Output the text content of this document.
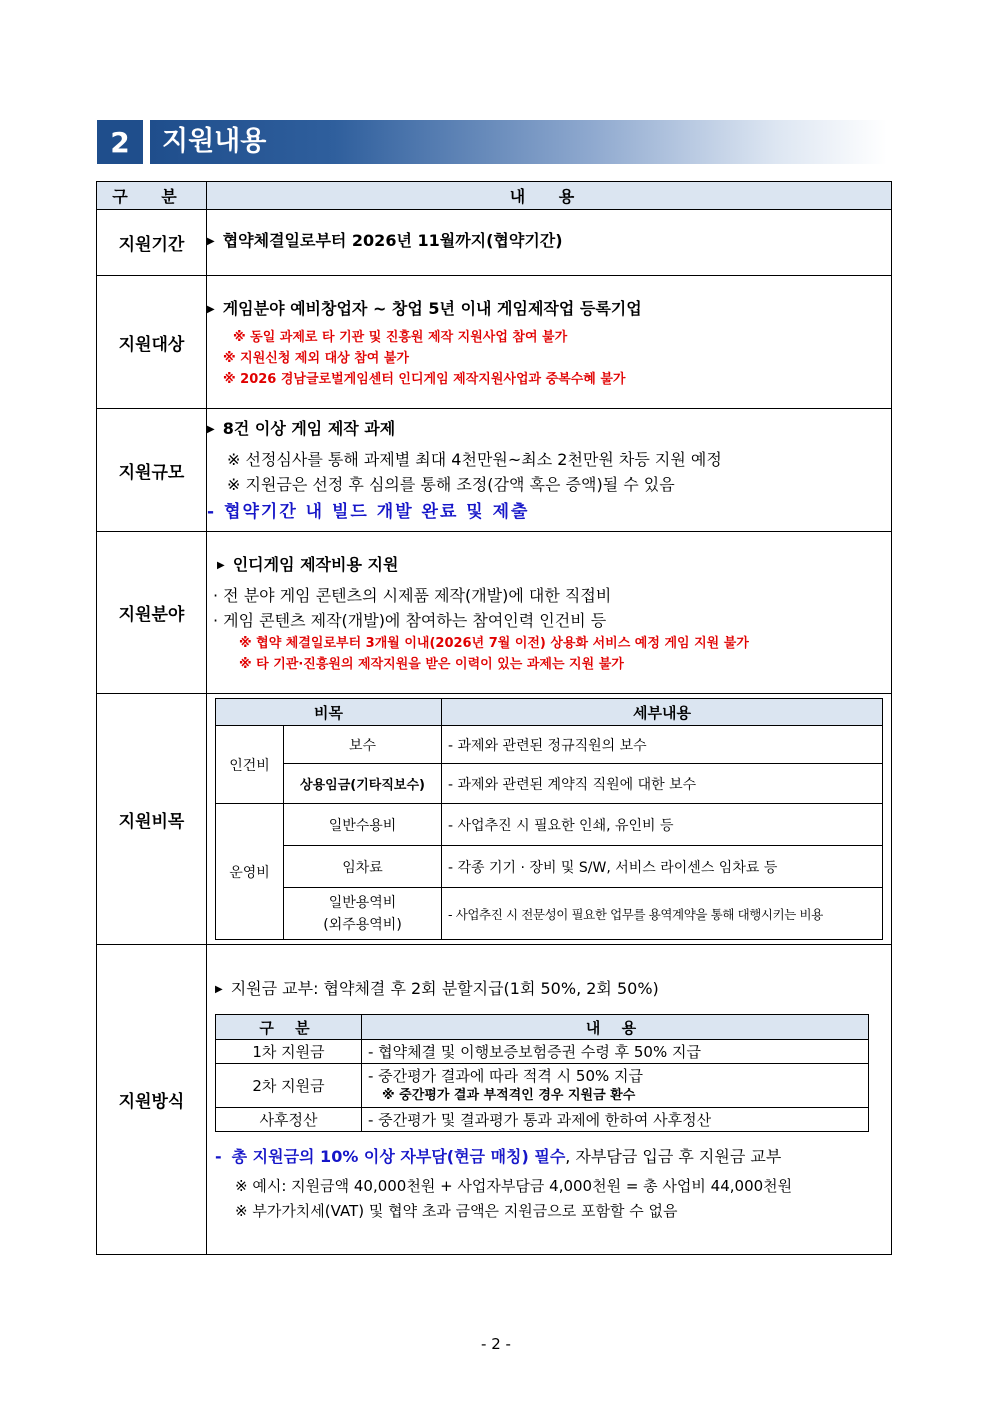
2	지원내용
구 분	내 용
지원기간	▶ 협약체결일로부터 2026년 11월까지(협약기간)

지원대상	
▶ 게임분야 예비창업자 ~ 창업 5년 이내 게임제작업 등록기업
※ 동일 과제로 타 기관 및 진흥원 제작 지원사업 참여 불가
※ 지원신청 제외 대상 참여 불가
※ 2026 경남글로벌게임센터 인디게임 제작지원사업과 중복수혜 불가

지원규모	
▶ 8건 이상 게임 제작 과제
※ 선정심사를 통해 과제별 최대 4천만원~최소 2천만원 차등 지원 예정
※ 지원금은 선정 후 심의를 통해 조정(감액 혹은 증액)될 수 있음
- 협약기간 내 빌드 개발 완료 및 제출

지원분야	
▶ 인디게임 제작비용 지원
· 전 분야 게임 콘텐츠의 시제품 제작(개발)에 대한 직접비
· 게임 콘텐츠 제작(개발)에 참여하는 참여인력 인건비 등
※ 협약 체결일로부터 3개월 이내(2026년 7월 이전) 상용화 서비스 예정 게임 지원 불가
※ 타 기관·진흥원의 제작지원을 받은 이력이 있는 과제는 지원 불가

지원비목	
비목	세부내용
인건비	보수	- 과제와 관련된 정규직원의 보수
상용임금(기타직보수)	- 과제와 관련된 계약직 직원에 대한 보수
운영비	일반수용비	- 사업추진 시 필요한 인쇄, 유인비 등
임차료	- 각종 기기 · 장비 및 S/W, 서비스 라이센스 임차료 등
일반용역비
(외주용역비)	- 사업추진 시 전문성이 필요한 업무를 용역계약을 통해 대행시키는 비용

지원방식	
▶ 지원금 교부: 협약체결 후 2회 분할지급(1회 50%, 2회 50%)
구 분	내 용
1차 지원금	- 협약체결 및 이행보증보험증권 수령 후 50% 지급
2차 지원금	
- 중간평가 결과에 따라 적격 시 50% 지급
※ 중간평가 결과 부적격인 경우 지원금 환수

사후정산	- 중간평가 및 결과평가 통과 과제에 한하여 사후정산
- 총 지원금의 10% 이상 자부담(현금 매칭) 필수, 자부담금 입금 후 지원금 교부
※ 예시: 지원금액 40,000천원 + 사업자부담금 4,000천원 = 총 사업비 44,000천원
※ 부가가치세(VAT) 및 협약 초과 금액은 지원금으로 포함할 수 없음
- 2 -
